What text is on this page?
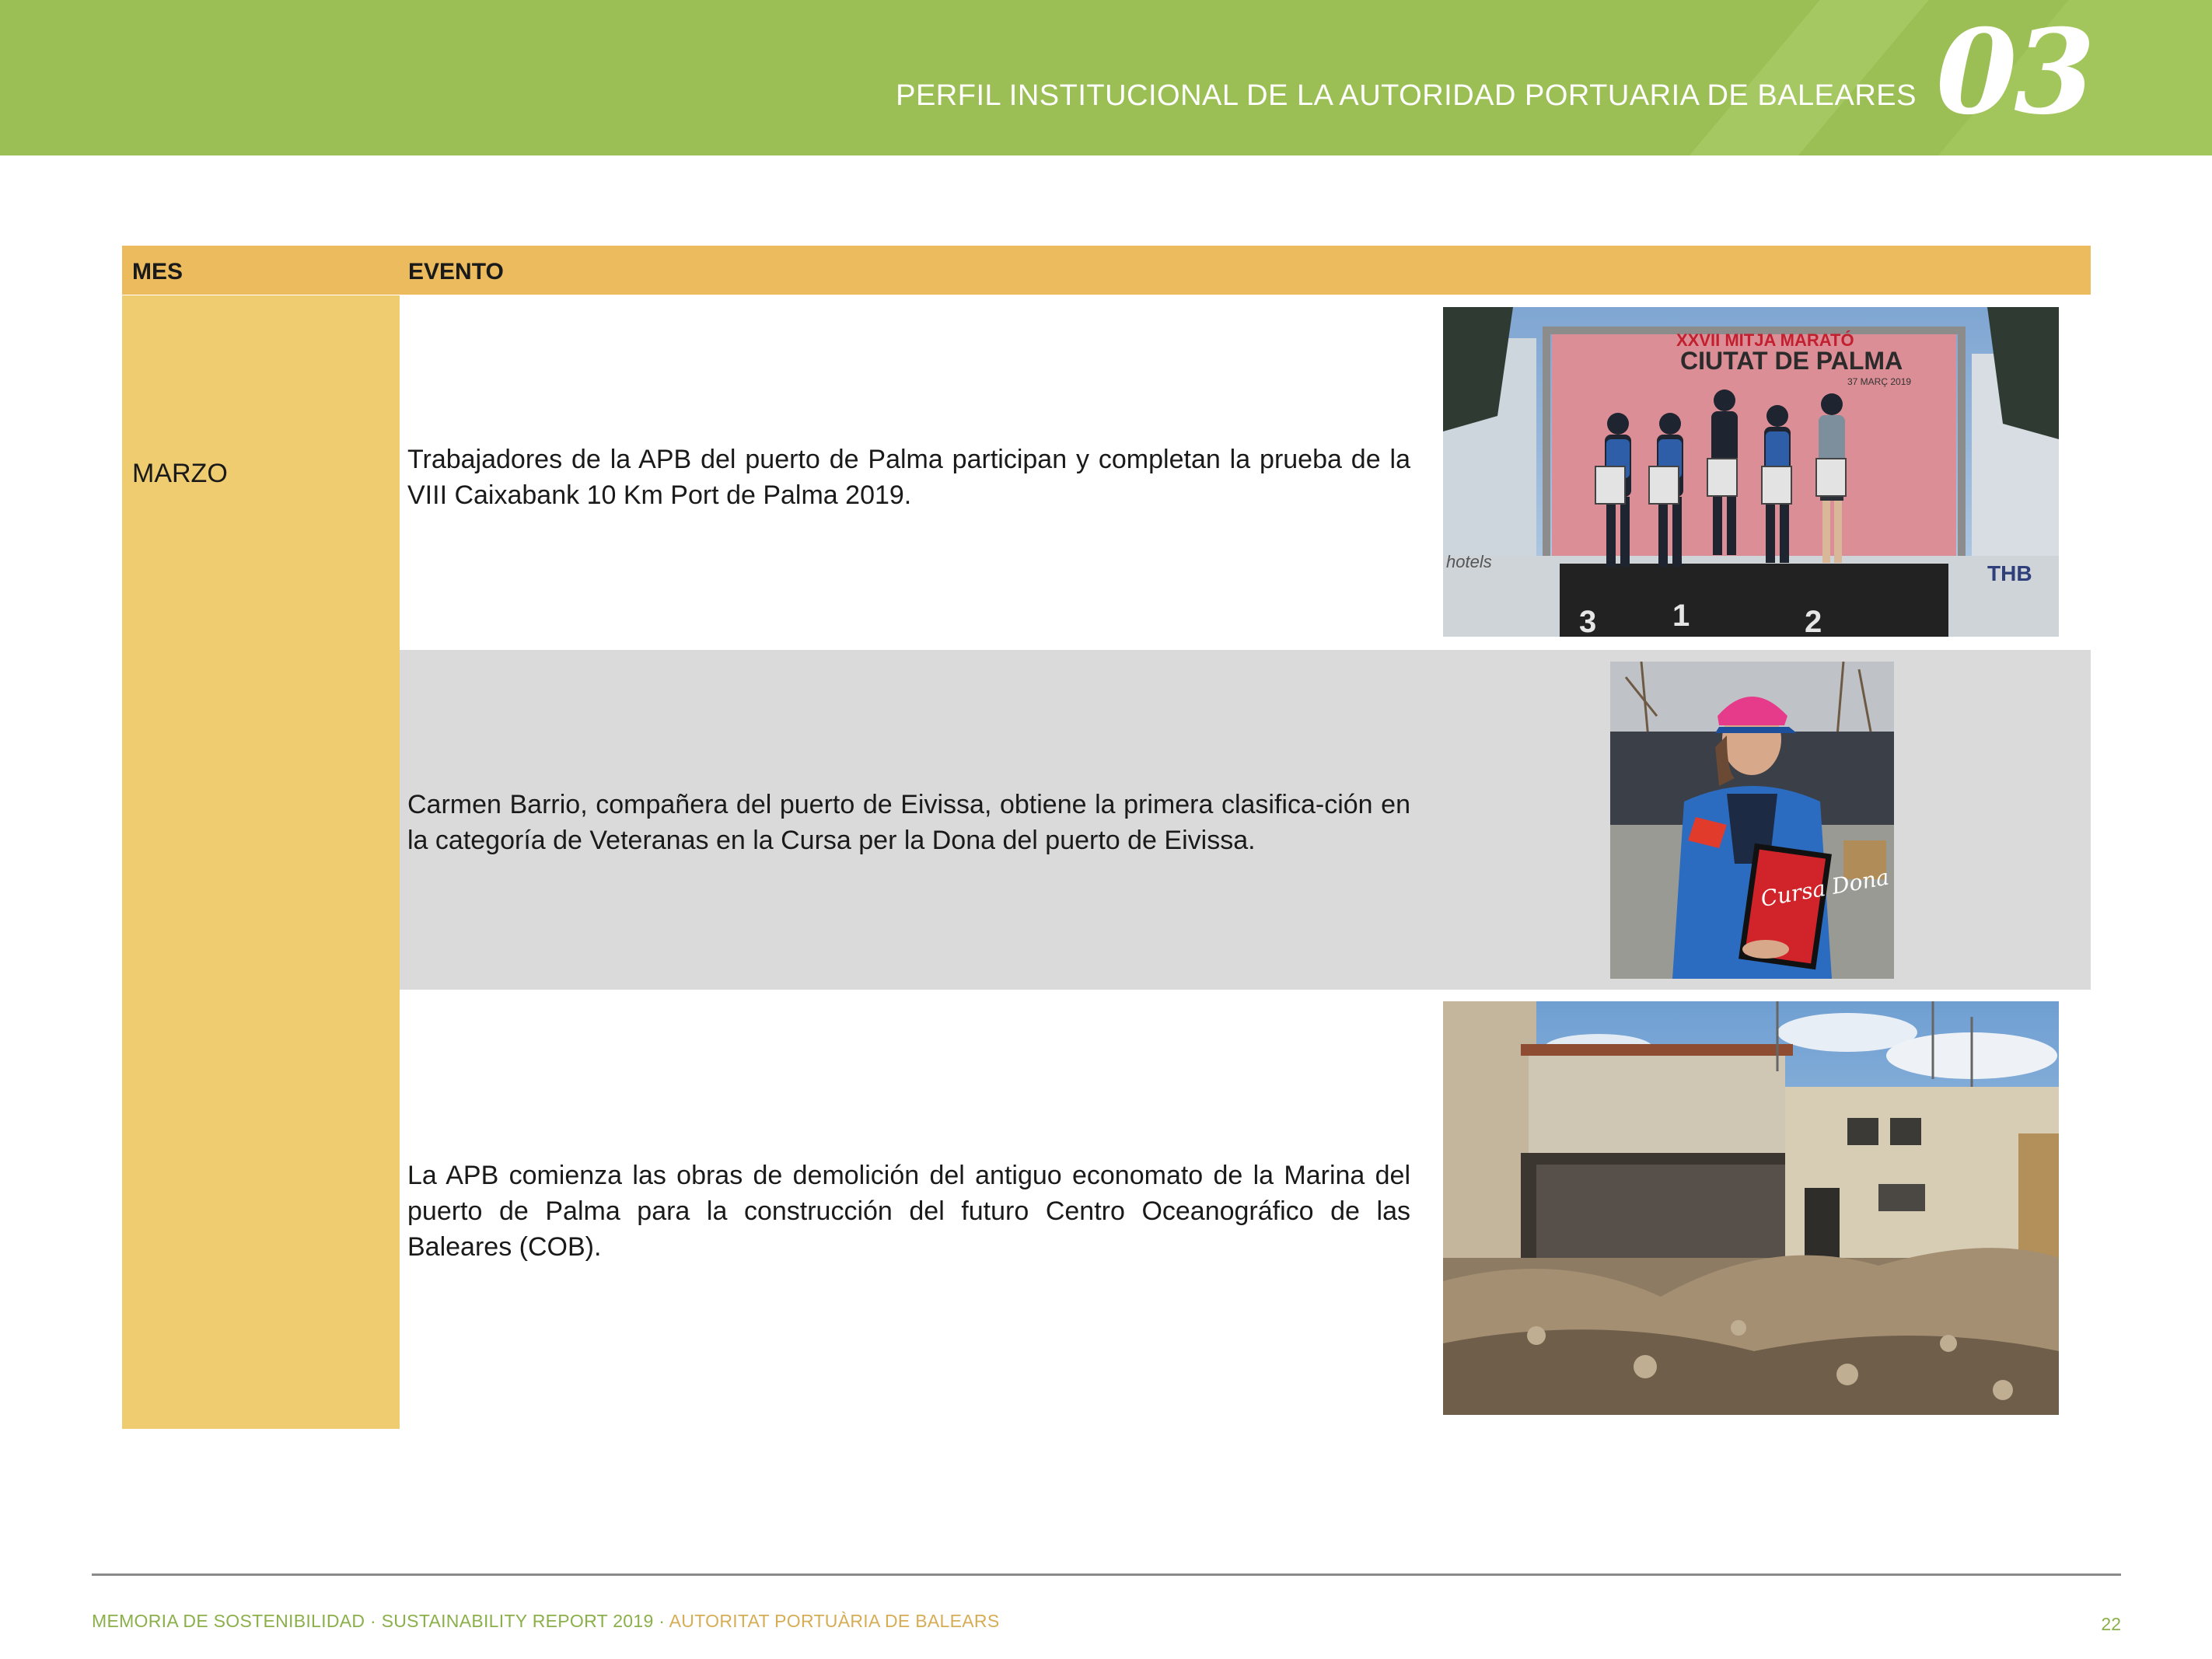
PERFIL INSTITUCIONAL DE LA AUTORIDAD PORTUARIA DE BALEARES 03
MES	EVENTO
MARZO	Trabajadores de la APB del puerto de Palma participan y completan la prueba de la VIII Caixabank 10 Km Port de Palma 2019.
XXVII MITJA MARATÓ
CIUTAT DE PALMA
37 MARÇ 2019
3 1	2
THB
hotels
Carmen Barrio, compañera del puerto de Eivissa, obtiene la primera clasifica-ción en la categoría de Veteranas en la Cursa per la Dona del puerto de Eivissa.
Cursa Dona
La APB comienza las obras de demolición del antiguo economato de la Marina del puerto de Palma para la construcción del futuro Centro Oceanográfico de las Baleares (COB).
MEMORIA DE SOSTENIBILIDAD · SUSTAINABILITY REPORT 2019 · AUTORITAT PORTUÀRIA DE BALEARS	22
